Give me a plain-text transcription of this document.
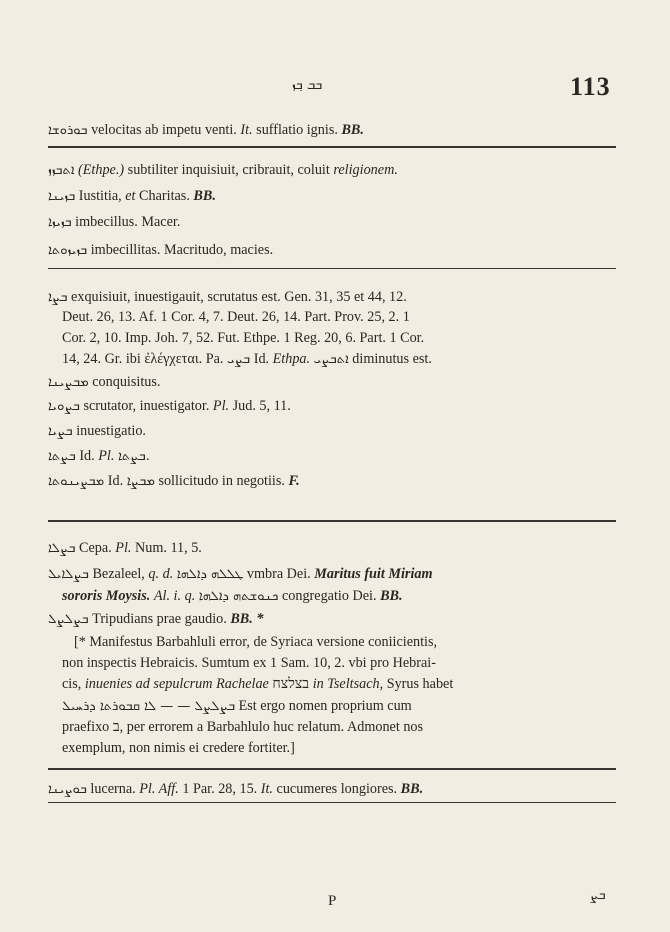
ܒܒ ܒ݂ܙ	113
ܒܘܪܘܫܐ velocitas ab impetu venti. It. sufflatio ignis. BB.
ܐܬܒܙܙ (Ethpe.) subtiliter inquisiuit, cribrauit, coluit religionem.
ܒܙܝܢܐ Iustitia, et Charitas. BB.
ܒܙܝܙܐ imbecillus. Macer.
ܒܙܝܙܘܬܐ imbecillitas. Macritudo, macies.
ܒܨܐ exquisiuit, inuestigauit, scrutatus est. Gen. 31, 35 et 44, 12.
Deut. 26, 13. Af. 1 Cor. 4, 7. Deut. 26, 14. Part. Prov. 25, 2. 1
Cor. 2, 10. Imp. Joh. 7, 52. Fut. Ethpe. 1 Reg. 20, 6. Part. 1 Cor.
14, 24. Gr. ibi ἐλέγχεται. Pa. ܒܨܝ Id. Ethpa. ܐܬܒܨܝ diminutus est.
ܡܒܨܝܢܐ conquisitus.
ܒܨܘܝܐ scrutator, inuestigator. Pl. Jud. 5, 11.
ܒܨܝܐ inuestigatio.
ܒܨܬܐ Id. Pl. ܒܨܬܐ.
ܡܒܨܝܢܘܬܐ Id. ܡܒܨܐ sollicitudo in negotiis. F.
ܒܨܠܐ Cepa. Pl. Num. 11, 5.
ܒܨܠܐܝܠ Bezaleel, q. d. ܛܠܠܗ ܕܐܠܗܐ vmbra Dei. Maritus fuit Miriam
sororis Moysis. Al. i. q. ܟܢܘܫܬܗ ܕܐܠܗܐ congregatio Dei. BB.
ܒܨܠܨܠ Tripudians prae gaudio. BB. *
[* Manifestus Barbahluli error, de Syriaca versione coniicientis,
non inspectis Hebraicis. Sumtum ex 1 Sam. 10, 2. vbi pro Hebrai-
cis, inuenies ad sepulcrum Rachelae בצלצח in Tseltsach, Syrus habet
ܒܨܠܨܠ — — ܠܐ ܩܒܘܪܬܐ ܕܪܚܝܠ Est ergo nomen proprium cum
praefixo ב, per errorem a Barbahlulo huc relatum. Admonet nos
exemplum, non nimis ei credere fortiter.]
ܒܘܨܝܢܐ lucerna. Pl. Aff. 1 Par. 28, 15. It. cucumeres longiores. BB.
P	ܒܨ
